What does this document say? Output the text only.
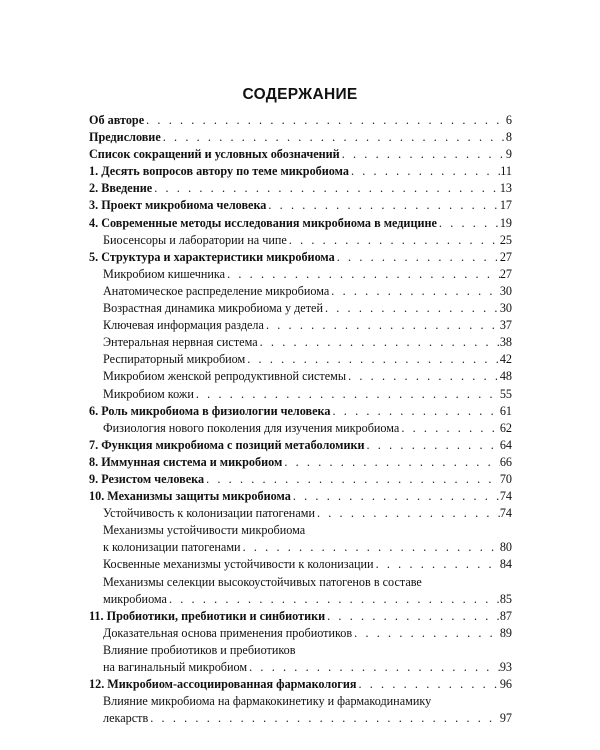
СОДЕРЖАНИЕ
Об авторе . . .	6
Предисловие . . .	8
Список сокращений и условных обозначений . . .	9
1. Десять вопросов автору по теме микробиома . . .	11
2. Введение . . .	13
3. Проект микробиома человека . . .	17
4. Современные методы исследования микробиома в медицине . . .	19
Биосенсоры и лаборатории на чипе . . .	25
5. Структура и характеристики микробиома . . .	27
Микробиом кишечника . . .	27
Анатомическое распределение микробиома . . .	30
Возрастная динамика микробиома у детей . . .	30
Ключевая информация раздела . . .	37
Энтеральная нервная система . . .	38
Респираторный микробиом . . .	42
Микробиом женской репродуктивной системы . . .	48
Микробиом кожи . . .	55
6. Роль микробиома в физиологии человека . . .	61
Физиология нового поколения для изучения микробиома . . .	62
7. Функция микробиома с позиций метаболомики . . .	64
8. Иммунная система и микробиом . . .	66
9. Резистом человека . . .	70
10. Механизмы защиты микробиома . . .	74
Устойчивость к колонизации патогенами . . .	74
Механизмы устойчивости микробиома
к колонизации патогенами . . .	80
Косвенные механизмы устойчивости к колонизации . . .	84
Механизмы селекции высокоустойчивых патогенов в составе
микробиома . . .	85
11. Пробиотики, пребиотики и синбиотики . . .	87
Доказательная основа применения пробиотиков . . .	89
Влияние пробиотиков и пребиотиков
на вагинальный микробиом . . .	93
12. Микробиом-ассоциированная фармакология . . .	96
Влияние микробиома на фармакокинетику и фармакодинамику
лекарств . . .	97
